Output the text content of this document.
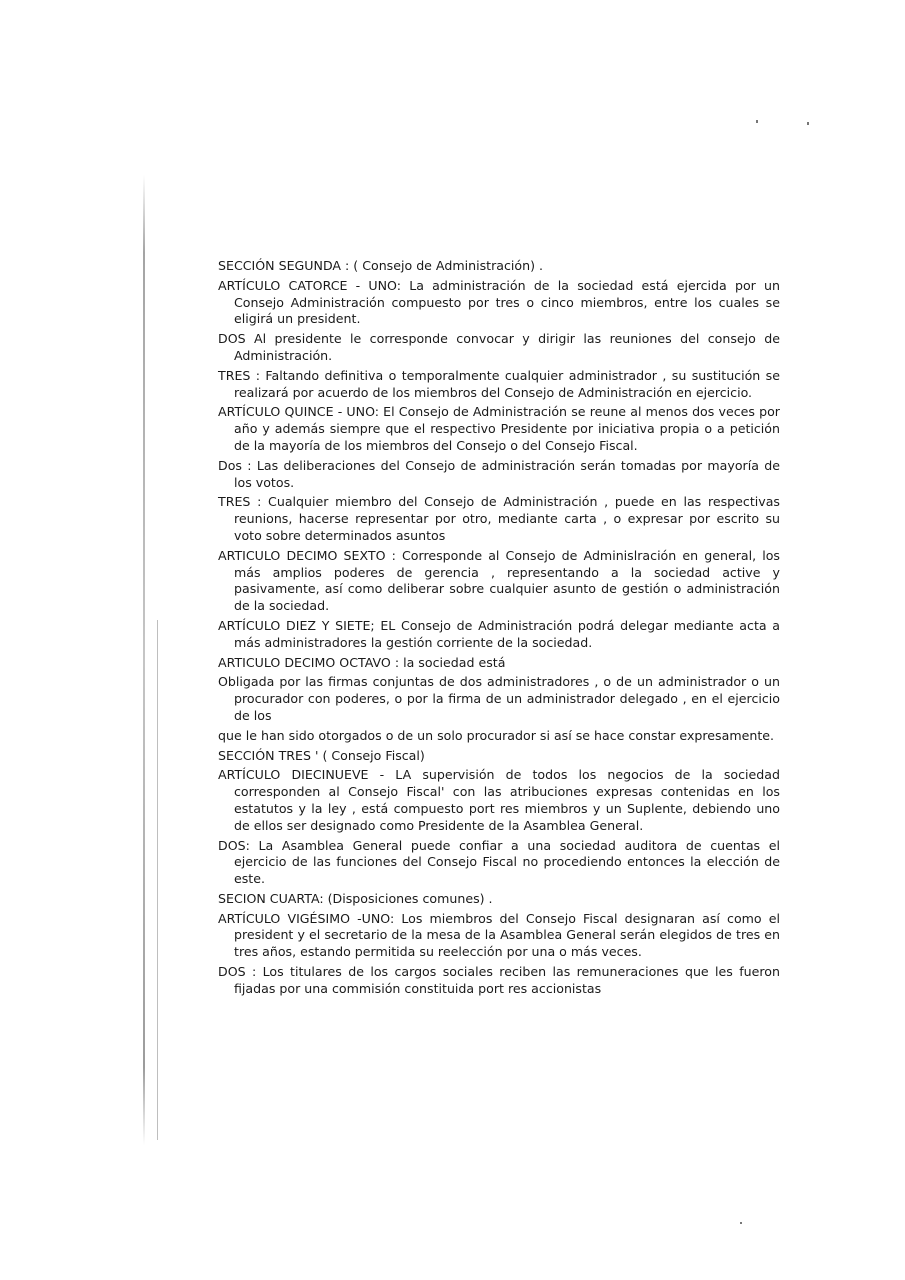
SECCIÓN SEGUNDA : ( Consejo de Administración) .

ARTÍCULO CATORCE - UNO: La administración de la sociedad está ejercida por un Consejo Administración compuesto por tres o cinco miembros, entre los cuales se eligirá un president.

DOS Al presidente le corresponde convocar y dirigir las reuniones del consejo de Administración.

TRES : Faltando definitiva o temporalmente cualquier administrador , su sustitución se realizará por acuerdo de los miembros del Consejo de Administración en ejercicio.

ARTÍCULO QUINCE - UNO: El Consejo de Administración se reune al menos dos veces por año y además siempre que el respectivo Presidente por iniciativa propia o a petición de la mayoría de los miembros del Consejo o del Consejo Fiscal.

Dos : Las deliberaciones del Consejo de administración serán tomadas por mayoría de los votos.

TRES : Cualquier miembro del Consejo de Administración , puede en las respectivas reunions, hacerse representar por otro, mediante carta , o expresar por escrito su voto sobre determinados asuntos

ARTICULO DECIMO SEXTO : Corresponde al Consejo de Adminislración en general, los más amplios poderes de gerencia , representando a la sociedad active y pasivamente, así como deliberar sobre cualquier asunto de gestión o administración de la sociedad.

ARTÍCULO DIEZ Y SIETE; EL Consejo de Administración podrá delegar mediante acta a más administradores la gestión corriente de la sociedad.

ARTICULO DECIMO OCTAVO : la sociedad está

Obligada por las firmas conjuntas de dos administradores , o de un administrador o un procurador con poderes, o por la firma de un administrador delegado , en el ejercicio de los

que le han sido otorgados o de un solo procurador si así se hace constar expresamente.

SECCIÓN TRES ' ( Consejo Fiscal)

ARTÍCULO DIECINUEVE - LA supervisión de todos los negocios de la sociedad corresponden al Consejo Fiscal' con las atribuciones expresas contenidas en los estatutos y la ley , está compuesto port res miembros y un Suplente, debiendo uno de ellos ser designado como Presidente de la Asamblea General.

DOS: La Asamblea General puede confiar a una sociedad auditora de cuentas el ejercicio de las funciones del Consejo Fiscal no procediendo entonces la elección de este.

SECION CUARTA: (Disposiciones comunes) .

ARTÍCULO VIGÉSIMO -UNO: Los miembros del Consejo Fiscal designaran así como el president y el secretario de la mesa de la Asamblea General serán elegidos de tres en tres años, estando permitida su reelección por una o más veces.

DOS : Los titulares de los cargos sociales reciben las remuneraciones que les fueron fijadas por una commisión constituida port res accionistas
